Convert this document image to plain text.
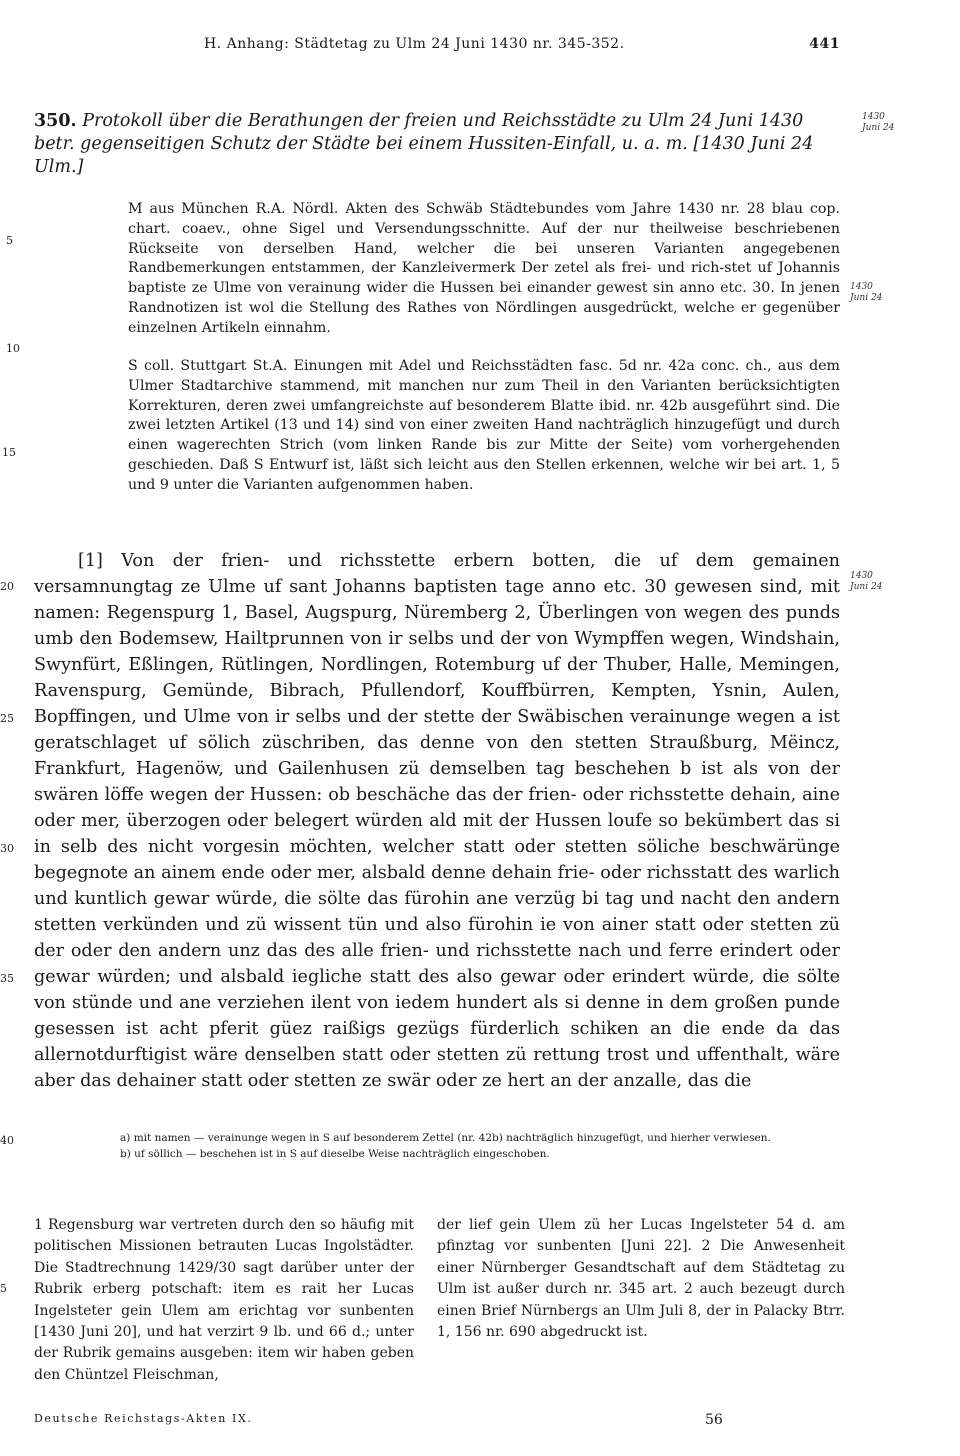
H. Anhang: Städtetag zu Ulm 24 Juni 1430 nr. 345-352.	441
350. Protokoll über die Berathungen der freien und Reichsstädte zu Ulm 24 Juni 1430 betr. gegenseitigen Schutz der Städte bei einem Hussiten-Einfall, u. a. m. [1430 Juni 24 Ulm.]
1430 Juni 24
1430 Juni 24
1430 Juni 24
5
10
15
20
25
30
35
40
5

M aus München R.A. Nördl. Akten des Schwäb Städtebundes vom Jahre 1430 nr. 28 blau cop. chart. coaev., ohne Sigel und Versendungsschnitte. Auf der nur theilweise beschriebenen Rückseite von derselben Hand, welcher die bei unseren Varianten angegebenen Randbemerkungen entstammen, der Kanzleivermerk Der zetel als frei- und rich-stet uf Johannis baptiste ze Ulme von verainung wider die Hussen bei einander gewest sin anno etc. 30. In jenen Randnotizen ist wol die Stellung des Rathes von Nördlingen ausgedrückt, welche er gegenüber einzelnen Artikeln einnahm.

S coll. Stuttgart St.A. Einungen mit Adel und Reichsstädten fasc. 5d nr. 42a conc. ch., aus dem Ulmer Stadtarchive stammend, mit manchen nur zum Theil in den Varianten berücksichtigten Korrekturen, deren zwei umfangreichste auf besonderem Blatte ibid. nr. 42b ausgeführt sind. Die zwei letzten Artikel (13 und 14) sind von einer zweiten Hand nachträglich hinzugefügt und durch einen wagerechten Strich (vom linken Rande bis zur Mitte der Seite) vom vorhergehenden geschieden. Daß S Entwurf ist, läßt sich leicht aus den Stellen erkennen, welche wir bei art. 1, 5 und 9 unter die Varianten aufgenommen haben.

[1] Von der frien- und richsstette erbern botten, die uf dem gemainen versamnungtag ze Ulme uf sant Johanns baptisten tage anno etc. 30 gewesen sind, mit namen: Regenspurg 1, Basel, Augspurg, Nüremberg 2, Überlingen von wegen des punds umb den Bodemsew, Hailtprunnen von ir selbs und der von Wympffen wegen, Windshain, Swynfürt, Eßlingen, Rütlingen, Nordlingen, Rotemburg uf der Thuber, Halle, Memingen, Ravenspurg, Gemünde, Bibrach, Pfullendorf, Kouffbürren, Kempten, Ysnin, Aulen, Bopffingen, und Ulme von ir selbs und der stette der Swäbischen verainunge wegen a ist geratschlaget uf sölich züschriben, das denne von den stetten Straußburg, Mëincz, Frankfurt, Hagenöw, und Gailenhusen zü demselben tag beschehen b ist als von der swären löffe wegen der Hussen: ob beschäche das der frien- oder richsstette dehain, aine oder mer, überzogen oder belegert würden ald mit der Hussen loufe so bekümbert das si in selb des nicht vorgesin möchten, welcher statt oder stetten söliche beschwärünge begegnote an ainem ende oder mer, alsbald denne dehain frie- oder richsstatt des warlich und kuntlich gewar würde, die sölte das fürohin ane verzüg bi tag und nacht den andern stetten verkünden und zü wissent tün und also fürohin ie von ainer statt oder stetten zü der oder den andern unz das des alle frien- und richsstette nach und ferre erindert oder gewar würden; und alsbald iegliche statt des also gewar oder erindert würde, die sölte von stünde und ane verziehen ilent von iedem hundert als si denne in dem großen punde gesessen ist acht pferit güez raißigs gezügs fürderlich schiken an die ende da das allernotdurftigist wäre denselben statt oder stetten zü rettung trost und uffenthalt, wäre aber das dehainer statt oder stetten ze swär oder ze hert an der anzalle, das die

a) mit namen — verainunge wegen in S auf besonderem Zettel (nr. 42b) nachträglich hinzugefügt, und hierher verwiesen.
b) uf söllich — beschehen ist in S auf dieselbe Weise nachträglich eingeschoben.
1 Regensburg war vertreten durch den so häufig mit politischen Missionen betrauten Lucas Ingolstädter. Die Stadtrechnung 1429/30 sagt darüber unter der Rubrik erberg potschaft: item es rait her Lucas Ingelsteter gein Ulem am erichtag vor sunbenten [1430 Juni 20], und hat verzirt 9 lb. und 66 d.; unter der Rubrik gemains ausgeben: item wir haben geben den Chüntzel Fleischman,
der lief gein Ulem zü her Lucas Ingelsteter 54 d. am pfinztag vor sunbenten [Juni 22]. 2 Die Anwesenheit einer Nürnberger Gesandtschaft auf dem Städtetag zu Ulm ist außer durch nr. 345 art. 2 auch bezeugt durch einen Brief Nürnbergs an Ulm Juli 8, der in Palacky Btrr. 1, 156 nr. 690 abgedruckt ist.
Deutsche Reichstags-Akten IX.	56
